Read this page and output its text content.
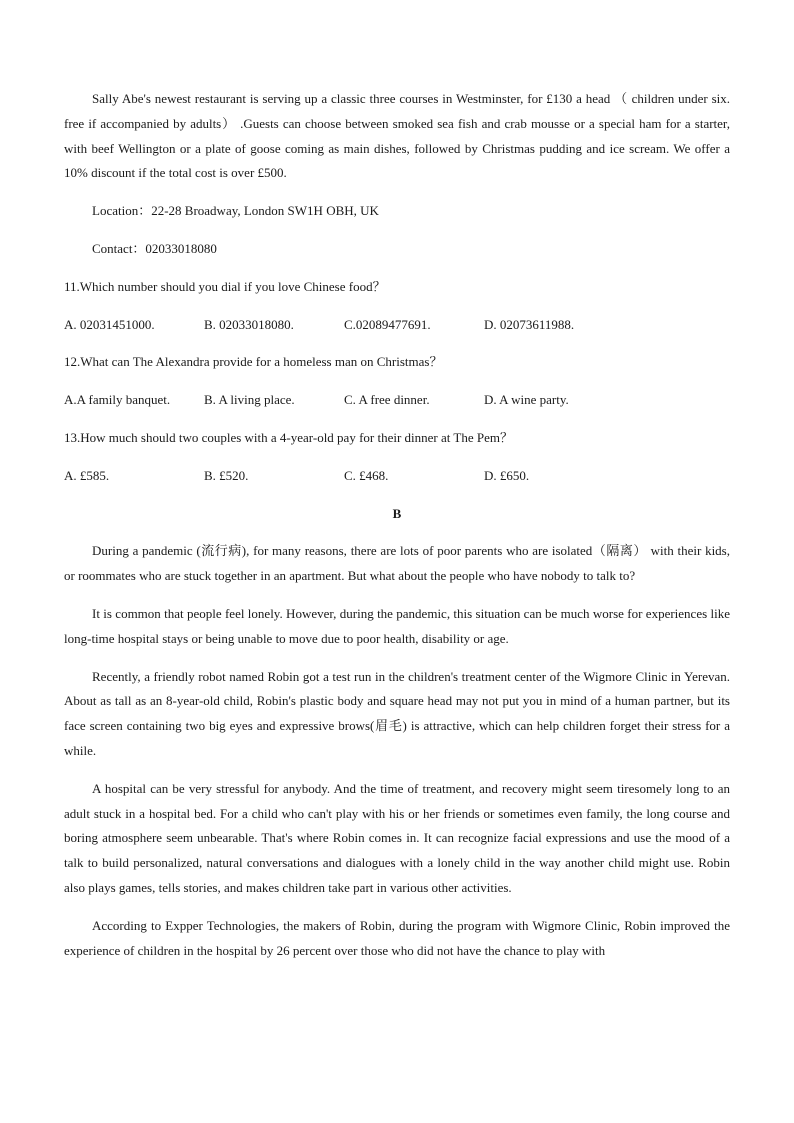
Sally Abe's newest restaurant is serving up a classic three courses in Westminster, for £130 a head （ children under six. free if accompanied by adults） .Guests can choose between smoked sea fish and crab mousse or a special ham for a starter, with beef Wellington or a plate of goose coming as main dishes, followed by Christmas pudding and ice scream. We offer a 10% discount if the total cost is over £500.

Location：22-28 Broadway, London SW1H OBH, UK
Contact：02033018080
11.Which number should you dial if you love Chinese food？
A. 02031451000.	B. 02033018080.	C.02089477691.	D. 02073611988.
12.What can The Alexandra provide for a homeless man on Christmas？
A.A family banquet.	B. A living place.	C. A free dinner.	D. A wine party.
13.How much should two couples with a 4-year-old pay for their dinner at The Pem？
A. £585.	B. £520.	C. £468.	D. £650.
B

During a pandemic (流行病), for many reasons, there are lots of poor parents who are isolated（隔离） with their kids, or roommates who are stuck together in an apartment. But what about the people who have nobody to talk to?

It is common that people feel lonely. However, during the pandemic, this situation can be much worse for experiences like long-time hospital stays or being unable to move due to poor health, disability or age.

Recently, a friendly robot named Robin got a test run in the children's treatment center of the Wigmore Clinic in Yerevan. About as tall as an 8-year-old child, Robin's plastic body and square head may not put you in mind of a human partner, but its face screen containing two big eyes and expressive brows(眉毛) is attractive, which can help children forget their stress for a while.

A hospital can be very stressful for anybody. And the time of treatment, and recovery might seem tiresomely long to an adult stuck in a hospital bed. For a child who can't play with his or her friends or sometimes even family, the long course and boring atmosphere seem unbearable. That's where Robin comes in. It can recognize facial expressions and use the mood of a talk to build personalized, natural conversations and dialogues with a lonely child in the way another child might use. Robin also plays games, tells stories, and makes children take part in various other activities.

According to Expper Technologies, the makers of Robin, during the program with Wigmore Clinic, Robin improved the experience of children in the hospital by 26 percent over those who did not have the chance to play with
